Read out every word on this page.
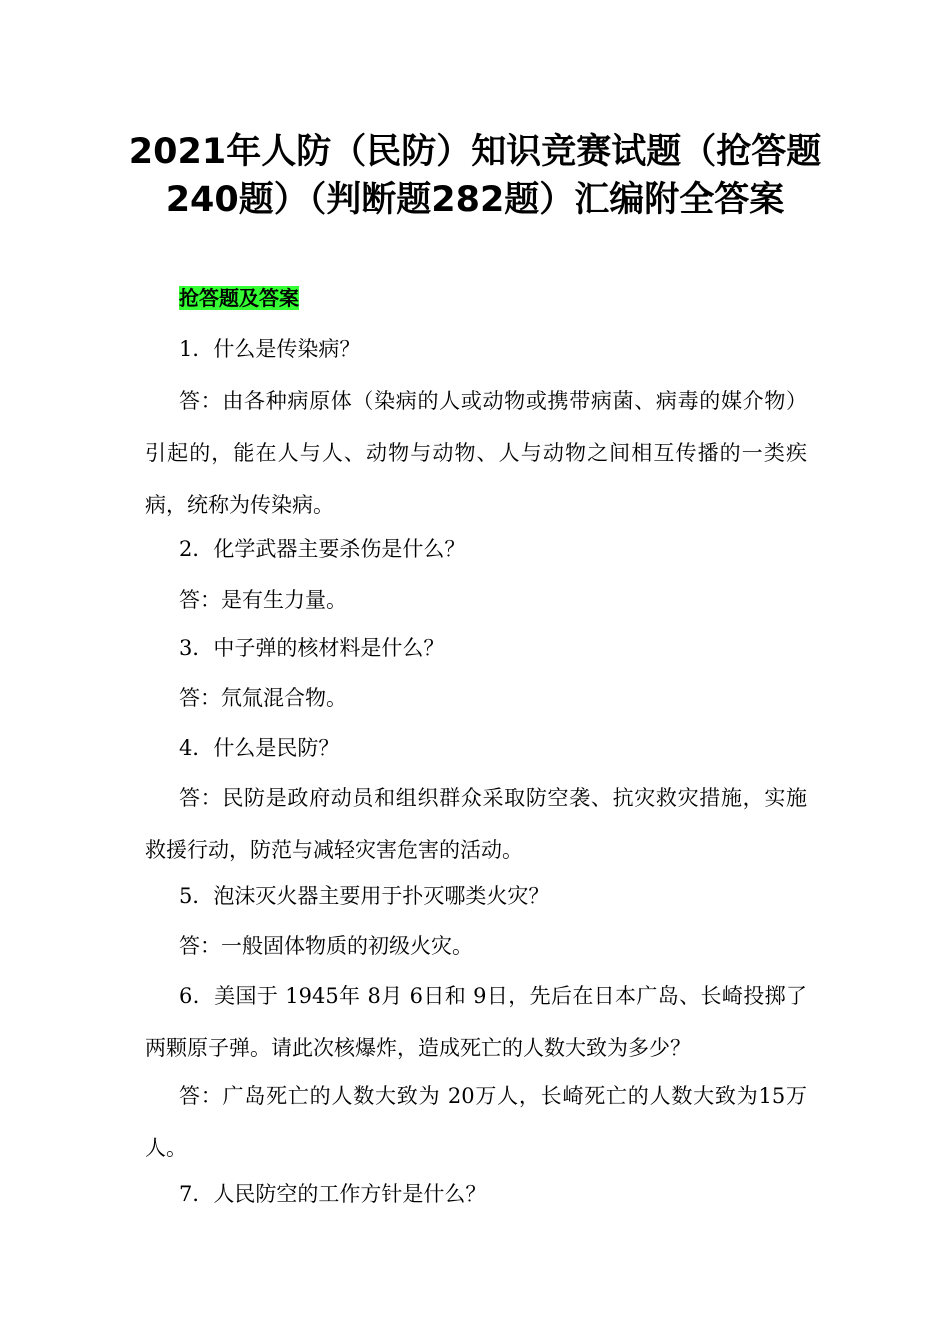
2021年人防（民防）知识竞赛试题（抢答题240题）（判断题282题）汇编附全答案

抢答题及答案

1．什么是传染病？

答：由各种病原体（染病的人或动物或携带病菌、病毒的媒介物）引起的，能在人与人、动物与动物、人与动物之间相互传播的一类疾病，统称为传染病。

2．化学武器主要杀伤是什么？

答：是有生力量。

3．中子弹的核材料是什么？

答：氘氚混合物。

4．什么是民防？

答：民防是政府动员和组织群众采取防空袭、抗灾救灾措施，实施救援行动，防范与减轻灾害危害的活动。

5．泡沫灭火器主要用于扑灭哪类火灾？

答：一般固体物质的初级火灾。

6．美国于 1945年 8月 6日和 9日，先后在日本广岛、长崎投掷了两颗原子弹。请此次核爆炸，造成死亡的人数大致为多少？

答：广岛死亡的人数大致为 20万人，长崎死亡的人数大致为15万人。

7．人民防空的工作方针是什么？
